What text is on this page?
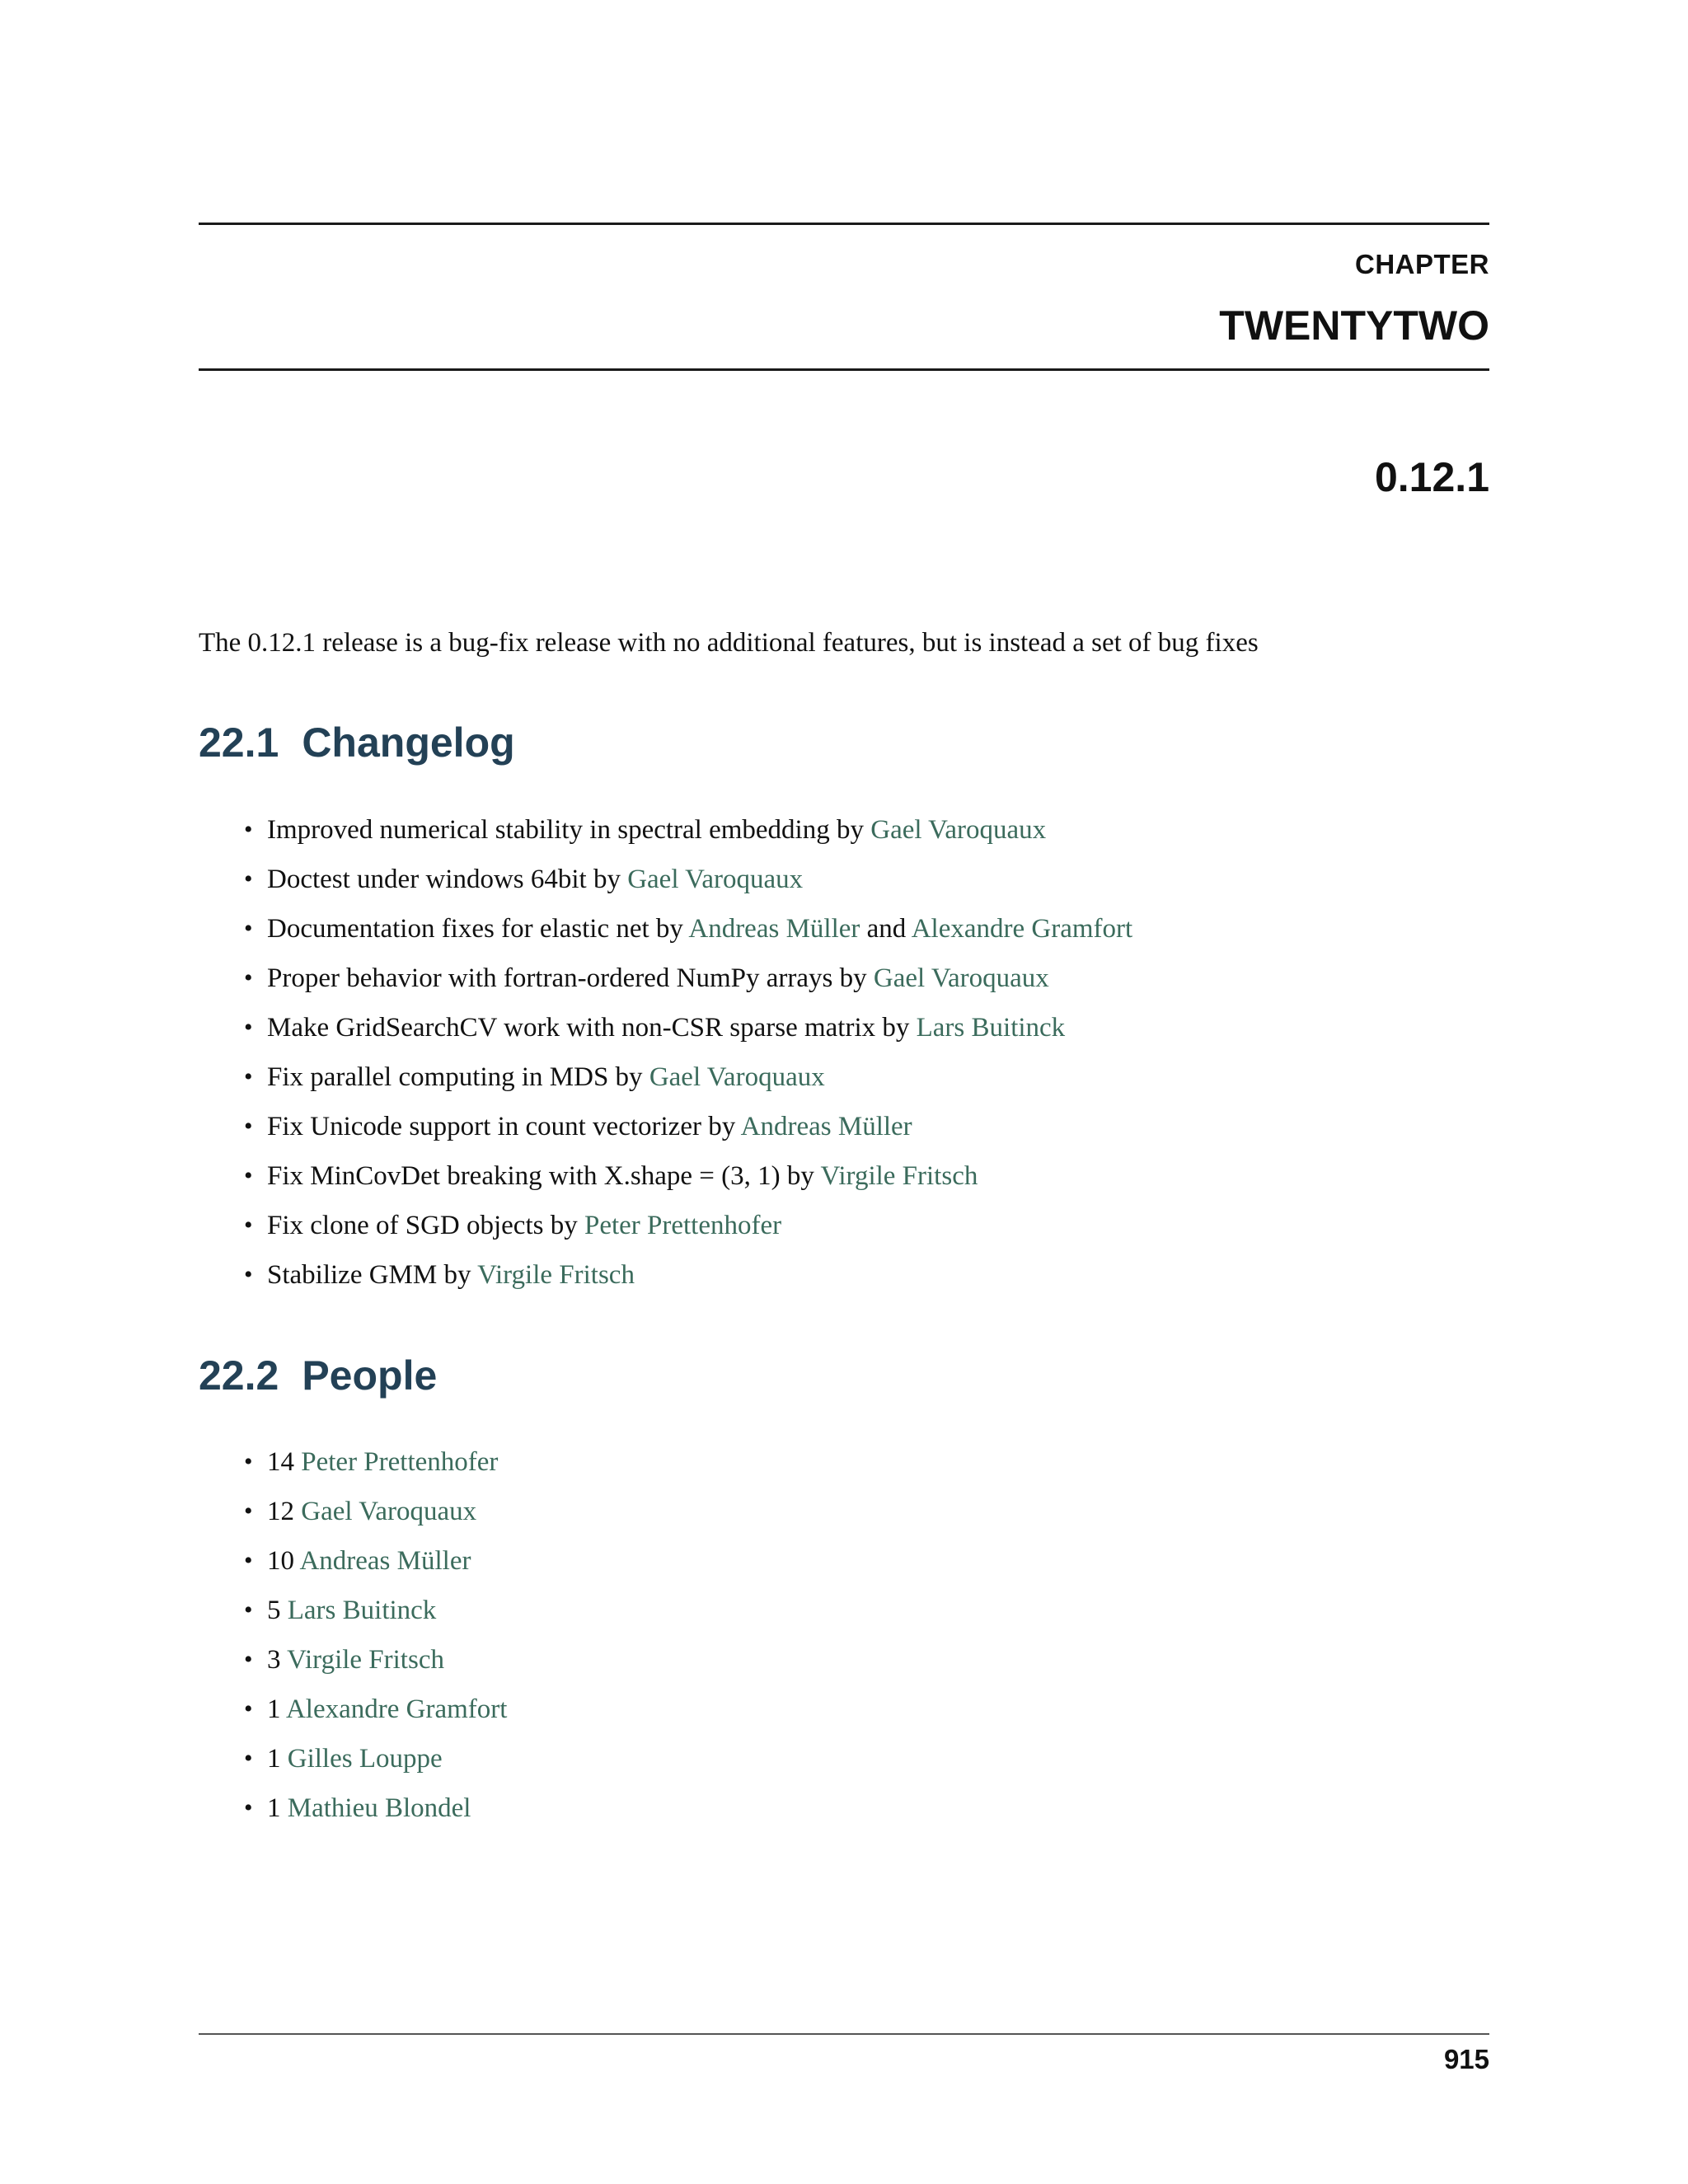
CHAPTER
TWENTYTWO
0.12.1
The 0.12.1 release is a bug-fix release with no additional features, but is instead a set of bug fixes
22.1 Changelog
• Improved numerical stability in spectral embedding by Gael Varoquaux
• Doctest under windows 64bit by Gael Varoquaux
• Documentation fixes for elastic net by Andreas Müller and Alexandre Gramfort
• Proper behavior with fortran-ordered NumPy arrays by Gael Varoquaux
• Make GridSearchCV work with non-CSR sparse matrix by Lars Buitinck
• Fix parallel computing in MDS by Gael Varoquaux
• Fix Unicode support in count vectorizer by Andreas Müller
• Fix MinCovDet breaking with X.shape = (3, 1) by Virgile Fritsch
• Fix clone of SGD objects by Peter Prettenhofer
• Stabilize GMM by Virgile Fritsch
22.2 People
• 14 Peter Prettenhofer
• 12 Gael Varoquaux
• 10 Andreas Müller
• 5 Lars Buitinck
• 3 Virgile Fritsch
• 1 Alexandre Gramfort
• 1 Gilles Louppe
• 1 Mathieu Blondel
915
